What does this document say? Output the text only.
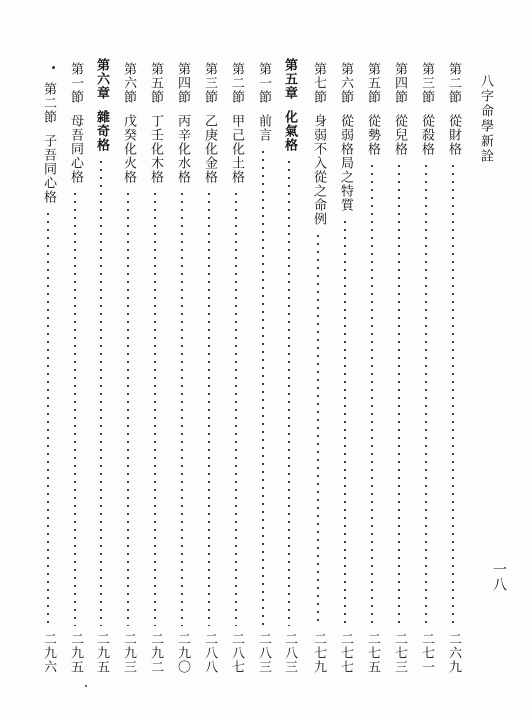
八字命學新詮
一八
第二節
從財格
二六九
第三節
從殺格
二七一
第四節
從兒格
二七三
第五節
從勢格
二七五
第六節
從弱格局之特質
二七七
第七節
身弱不入從之命例
二七九
第五章
化氣格
二八三
第一節
前言
二八三
第二節
甲己化土格
二八七
第三節
乙庚化金格
二八八
第四節
丙辛化水格
二九〇
第五節
丁壬化木格
二九二
第六節
戊癸化火格
二九三
第六章
雜奇格
二九五
第一節
母吾同心格
二九五
第二節
子吾同心格
二九六
